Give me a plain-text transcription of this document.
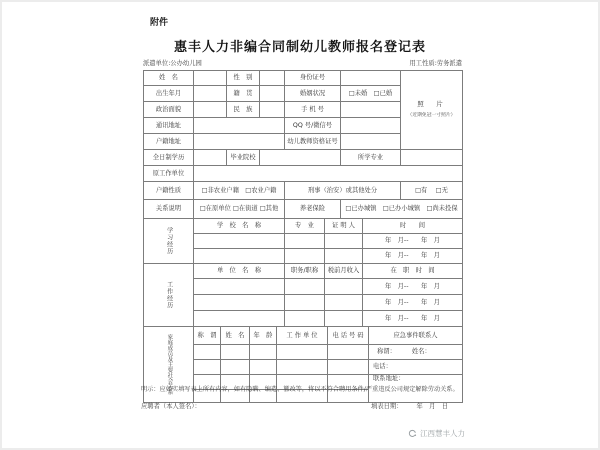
附件
惠丰人力非编合同制幼儿教师报名登记表
派遣单位:公办幼儿园	用工性质:劳务派遣
姓　名		性　别		身份证号		照　片
（近期免冠一寸照片）

出生年月		籍　贯		婚姻状况	□未婚　□已婚	
政治面貌		民　族		手 机 号		
通讯地址				QQ 号/微信号		
户籍地址				幼儿教师资格证号		
全日制学历		毕业院校			所学专业	
原工作单位						
户籍性质	□非农业户籍　□农业户籍			刑事（治安）或其他处分		□有   □无
关系说明	□在原单位 □在街道 □其他			养老保险	□已办城镇　□已办小城镇　□尚未投保	
学习经历	学　校　名　称	专　业	证 明 人	时　　间
				年　月--　　年　月
				年　月--　　年　月
工作经历	单　位　名　称	职务/职称	税前月收入	在　职　时　间
				年　月--　　年　月
				年　月--　　年　月
				年　月--　　年　月
家庭成员及主要社会关系	称　谓	姓　名	年　龄	工 作 单 位	电 话 号 码	应急事件联系人

						称谓： 姓名：

						电话：
						联系地址：

明示：应如实填写表上所有内容，如有隐瞒、编造、篡改等，将以不符合聘用条件/严重违反公司规定解除劳动关系。
应聘者（本人签名）：	填表日期： 年　月　日
江西慧丰人力
